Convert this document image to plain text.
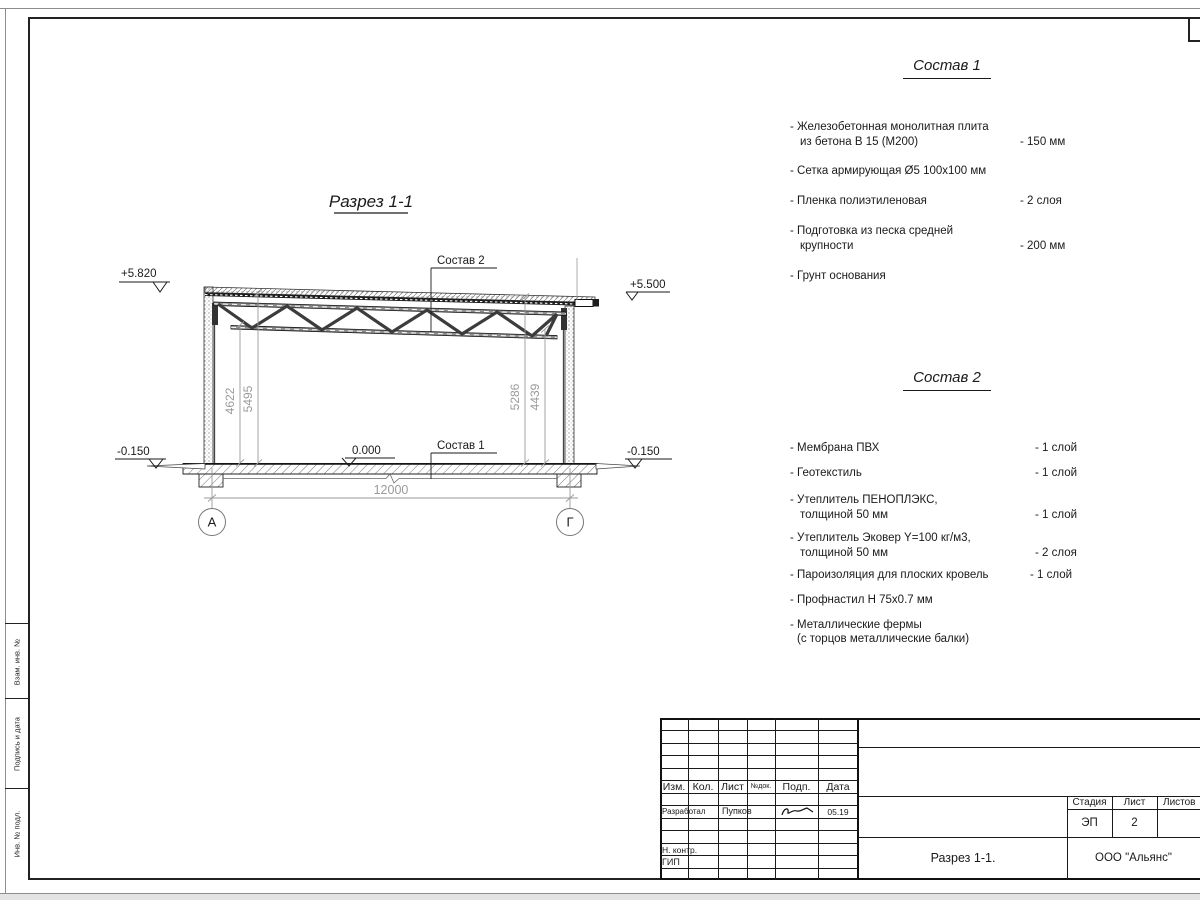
Взам. инв. №
Подпись и дата
Инв. № подл.
Разрез 1-1
4622 5495	5286 4439
12000
А	Г
+5.820
+5.500
-0.150	-0.150
0.000
Состав 2
Состав 1
Состав 1
- Железобетонная монолитная плита
из бетона В 15 (М200)	- 150 мм
- Сетка армирующая Ø5 100х100 мм
- Пленка полиэтиленовая	- 2 слоя
- Подготовка из песка средней
крупности	- 200 мм
- Грунт основания
Состав 2
- Мембрана ПВХ	- 1 слой
- Геотекстиль	- 1 слой
- Утеплитель ПЕНОПЛЭКС,
толщиной 50 мм	- 1 слой
- Утеплитель Эковер Y=100 кг/м3,
толщиной 50 мм	- 2 слоя
- Пароизоляция для плоских кровель	- 1 слой
- Профнастил Н 75х0.7 мм
- Металлические фермы
(с торцов металлические балки)
Изм. Кол. Лист №док.	Подп.	Дата
Разработал Пупков	05.19
Н. контр.
ГИП
Стадия	Лист	Листов
ЭП	2
Разрез 1-1.	ООО "Альянс"
